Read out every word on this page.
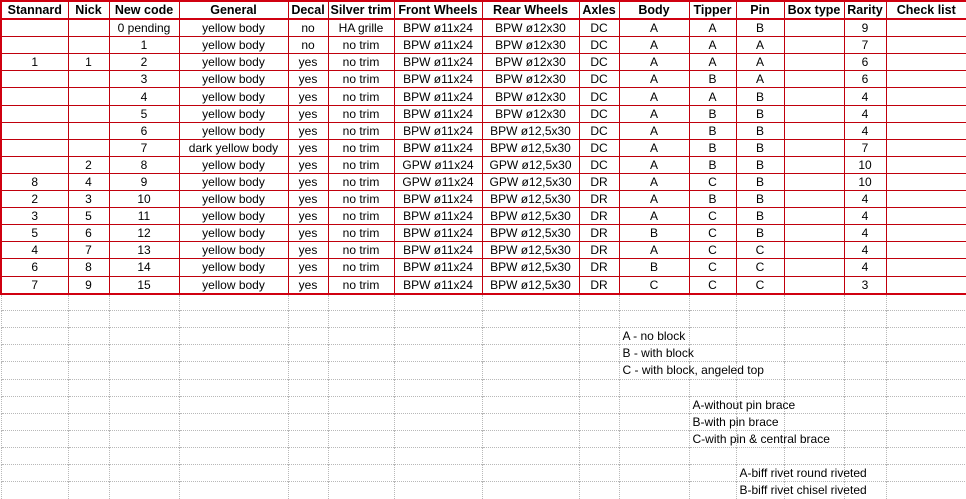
Stannard	Nick	New code	General	Decal	Silver trim	Front Wheels	Rear Wheels	Axles	Body	Tipper	Pin	Box type	Rarity	Check list
		0 pending	yellow body	no	HA grille	BPW ø11x24	BPW ø12x30	DC	A	A	B		9	
		1	yellow body	no	no trim	BPW ø11x24	BPW ø12x30	DC	A	A	A		7	
1	1	2	yellow body	yes	no trim	BPW ø11x24	BPW ø12x30	DC	A	A	A		6	
		3	yellow body	yes	no trim	BPW ø11x24	BPW ø12x30	DC	A	B	A		6	
		4	yellow body	yes	no trim	BPW ø11x24	BPW ø12x30	DC	A	A	B		4	
		5	yellow body	yes	no trim	BPW ø11x24	BPW ø12x30	DC	A	B	B		4	
		6	yellow body	yes	no trim	BPW ø11x24	BPW ø12,5x30	DC	A	B	B		4	
		7	dark yellow body	yes	no trim	BPW ø11x24	BPW ø12,5x30	DC	A	B	B		7	
	2	8	yellow body	yes	no trim	GPW ø11x24	GPW ø12,5x30	DC	A	B	B		10	
8	4	9	yellow body	yes	no trim	GPW ø11x24	GPW ø12,5x30	DR	A	C	B		10	
2	3	10	yellow body	yes	no trim	BPW ø11x24	BPW ø12,5x30	DR	A	B	B		4	
3	5	11	yellow body	yes	no trim	BPW ø11x24	BPW ø12,5x30	DR	A	C	B		4	
5	6	12	yellow body	yes	no trim	BPW ø11x24	BPW ø12,5x30	DR	B	C	B		4	
4	7	13	yellow body	yes	no trim	BPW ø11x24	BPW ø12,5x30	DR	A	C	C		4	
6	8	14	yellow body	yes	no trim	BPW ø11x24	BPW ø12,5x30	DR	B	C	C		4	
7	9	15	yellow body	yes	no trim	BPW ø11x24	BPW ø12,5x30	DR	C	C	C		3	

									A - no block					

									B - with block					

									C - with block, angeled top					

										A-without pin brace				

										B-with pin brace				

										C-with pin & central brace				

											A-biff rivet round riveted			

											B-biff rivet chisel riveted			
